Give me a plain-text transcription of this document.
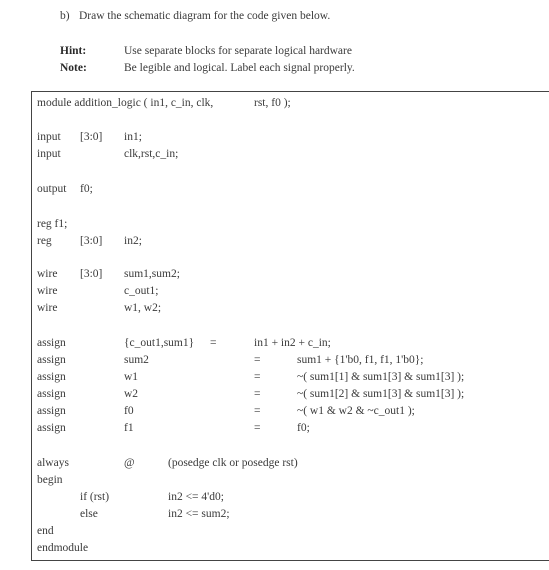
b) Draw the schematic diagram for the code given below.
Hint:	Use separate blocks for separate logical hardware
Note:	Be legible and logical. Label each signal properly.
module addition_logic ( in1, c_in, clk,	rst, f0 );
input [3:0] in1;
input	clk,rst,c_in;
output f0;
reg f1;
reg [3:0] in2;
wire [3:0] sum1,sum2;
wire	c_out1;
wire	w1, w2;
assign	{c_out1,sum1} =	in1 + in2 + c_in;
assign	sum2	=	sum1 + {1'b0, f1, f1, 1'b0};
assign	w1	=	~( sum1[1] & sum1[3] & sum1[3] );
assign	w2	=	~( sum1[2] & sum1[3] & sum1[3] );
assign	f0	=	~( w1 & w2 & ~c_out1 );
assign	f1	=	f0;
always	@	(posedge clk or posedge rst)
begin
if (rst)	in2 <= 4'd0;
else	in2 <= sum2;
end
endmodule
